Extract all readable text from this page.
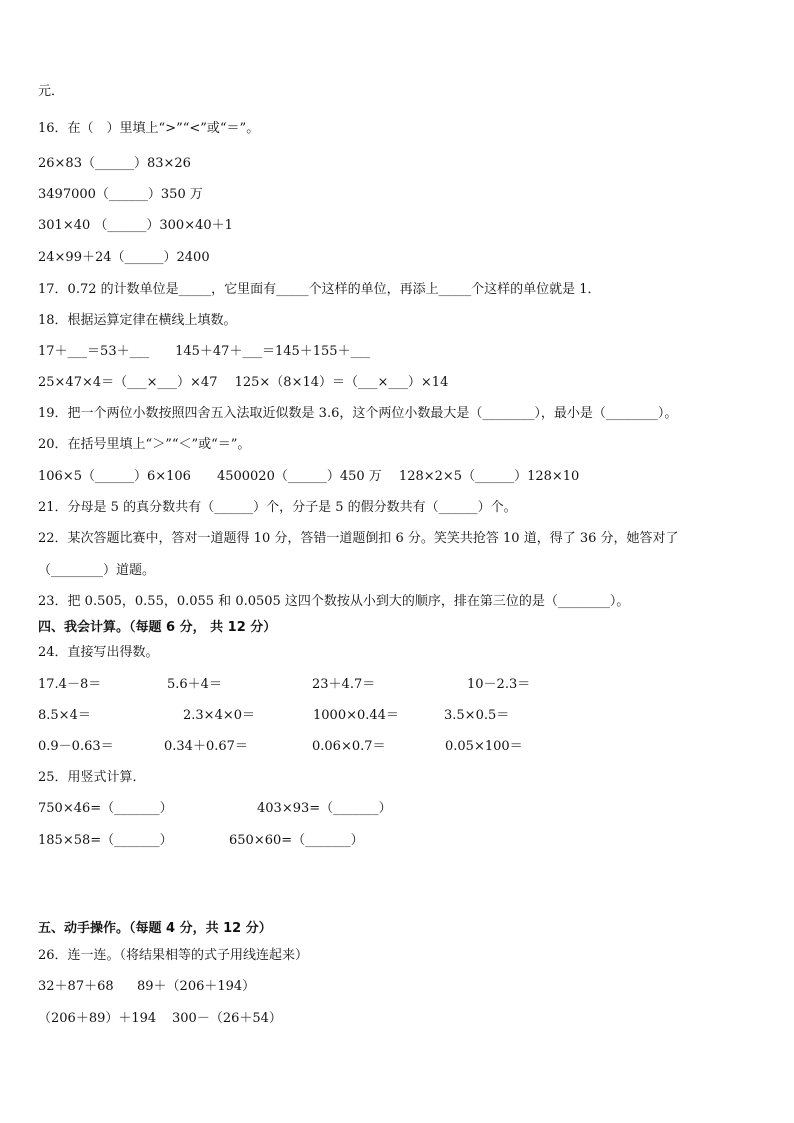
元．
16．在（　）里填上“>”“<”或“＝”。
26×83（______）83×26
3497000（______）350 万
301×40 （______）300×40＋1
24×99＋24（______）2400
17．0.72 的计数单位是_____，它里面有_____个这样的单位，再添上_____个这样的单位就是 1．
18．根据运算定律在横线上填数。
17＋___＝53＋___　　145＋47＋___＝145＋155＋___
25×47×4＝（___×___）×47　 125×（8×14）＝（___×___）×14
19．把一个两位小数按照四舍五入法取近似数是 3.6，这个两位小数最大是（________），最小是（________）。
20．在括号里填上“＞”“＜”或“＝”。
106×5（______）6×106　　4500020（______）450 万　 128×2×5（______）128×10
21．分母是 5 的真分数共有（______）个，分子是 5 的假分数共有（______）个。
22．某次答题比赛中，答对一道题得 10 分，答错一道题倒扣 6 分。笑笑共抢答 10 道，得了 36 分，她答对了
（________）道题。
23．把 0.505，0.55，0.055 和 0.0505 这四个数按从小到大的顺序，排在第三位的是（________）。
四、我会计算。（每题 6 分， 共 12 分）
24．直接写出得数。
17.4－8＝	5.6＋4＝	23＋4.7＝	10－2.3＝
8.5×4＝	2.3×4×0＝	1000×0.44＝	3.5×0.5＝
0.9－0.63＝	0.34＋0.67＝	0.06×0.7＝	0.05×100＝
25．用竖式计算．
750×46=（_______）	403×93=（_______）
185×58=（_______）	650×60=（_______）
五、动手操作。（每题 4 分，共 12 分）
26．连一连。（将结果相等的式子用线连起来）
32＋87＋68 89＋（206＋194）
（206＋89）＋194 300－（26＋54）
